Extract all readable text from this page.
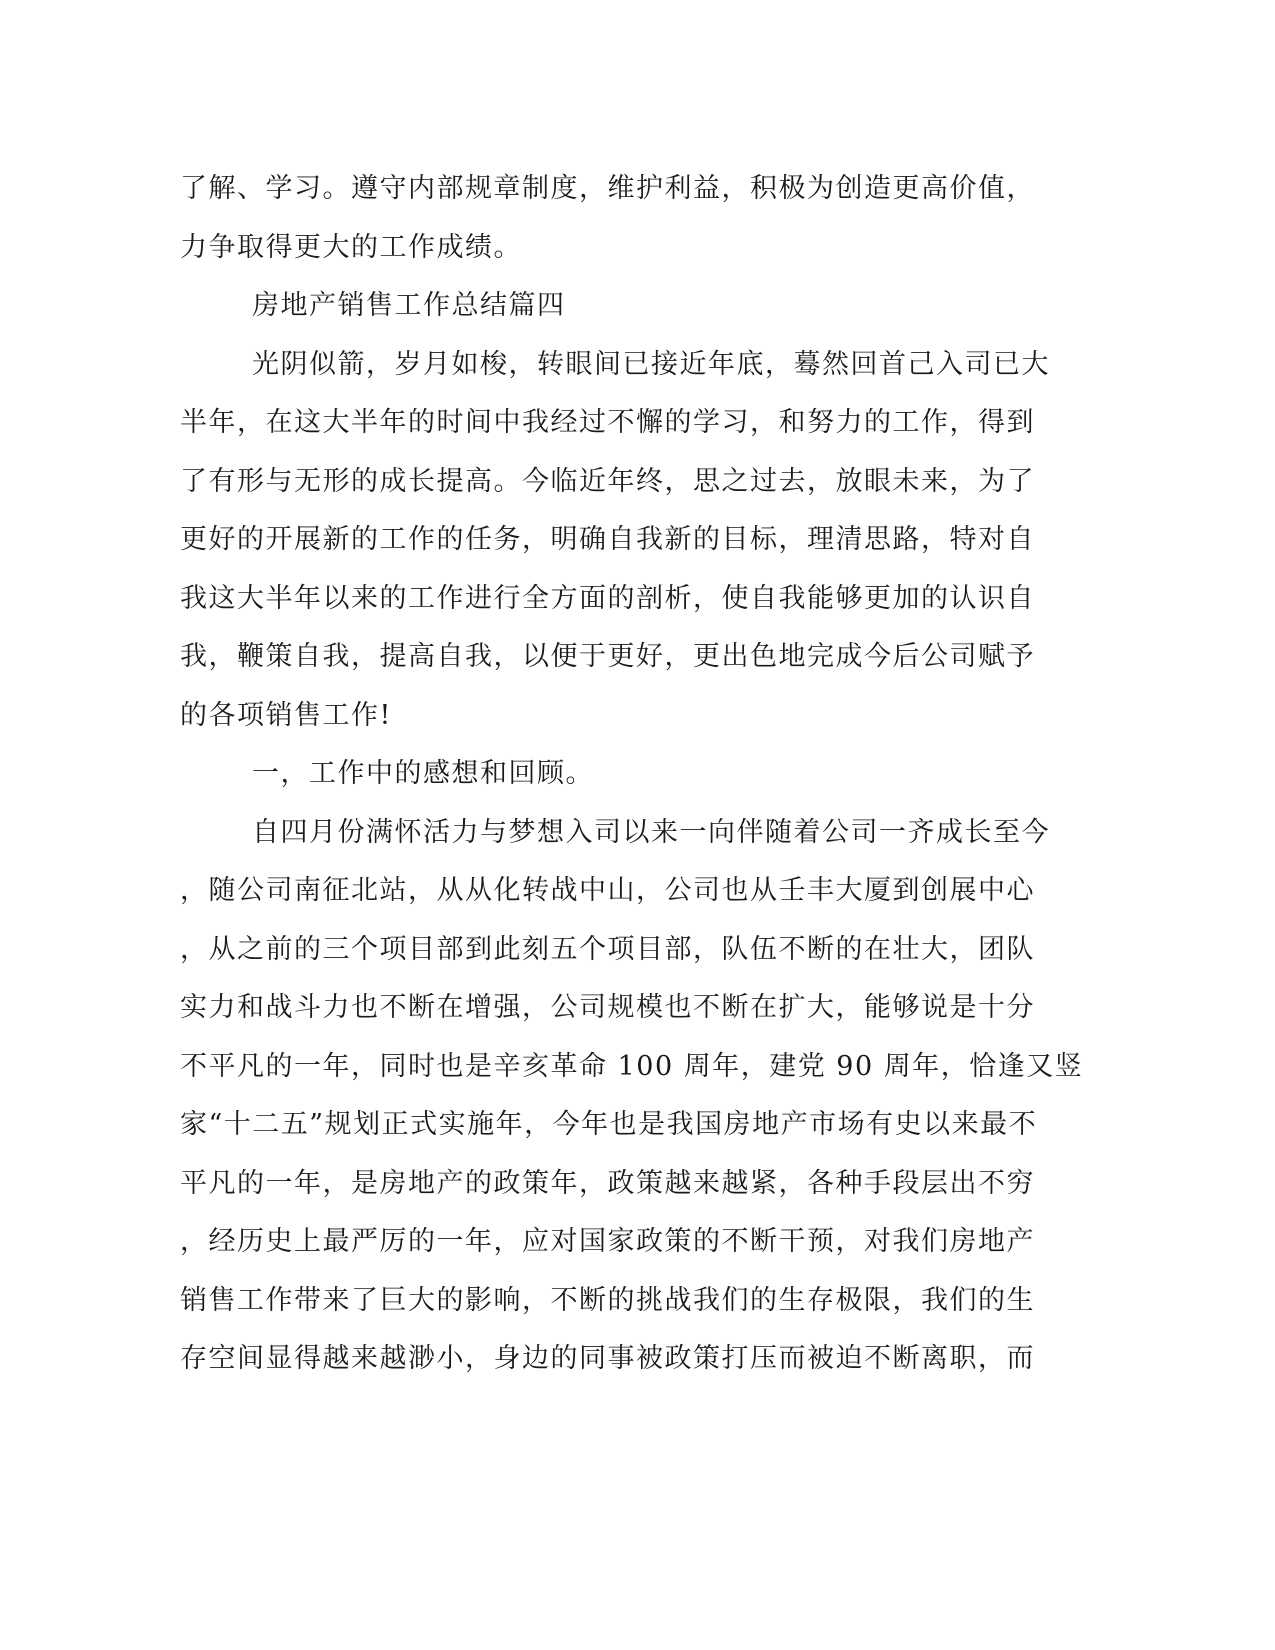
了解、学习。遵守内部规章制度，维护利益，积极为创造更高价值，
力争取得更大的工作成绩。
房地产销售工作总结篇四
光阴似箭，岁月如梭，转眼间已接近年底，蓦然回首己入司已大
半年，在这大半年的时间中我经过不懈的学习，和努力的工作，得到
了有形与无形的成长提高。今临近年终，思之过去，放眼未来，为了
更好的开展新的工作的任务，明确自我新的目标，理清思路，特对自
我这大半年以来的工作进行全方面的剖析，使自我能够更加的认识自
我，鞭策自我，提高自我，以便于更好，更出色地完成今后公司赋予
的各项销售工作!
一，工作中的感想和回顾。
自四月份满怀活力与梦想入司以来一向伴随着公司一齐成长至今
，随公司南征北站，从从化转战中山，公司也从壬丰大厦到创展中心
，从之前的三个项目部到此刻五个项目部，队伍不断的在壮大，团队
实力和战斗力也不断在增强，公司规模也不断在扩大，能够说是十分
不平凡的一年，同时也是辛亥革命 100 周年，建党 90 周年，恰逢又竖
家“十二五”规划正式实施年，今年也是我国房地产市场有史以来最不
平凡的一年，是房地产的政策年，政策越来越紧，各种手段层出不穷
，经历史上最严厉的一年，应对国家政策的不断干预，对我们房地产
销售工作带来了巨大的影响，不断的挑战我们的生存极限，我们的生
存空间显得越来越渺小，身边的同事被政策打压而被迫不断离职，而
